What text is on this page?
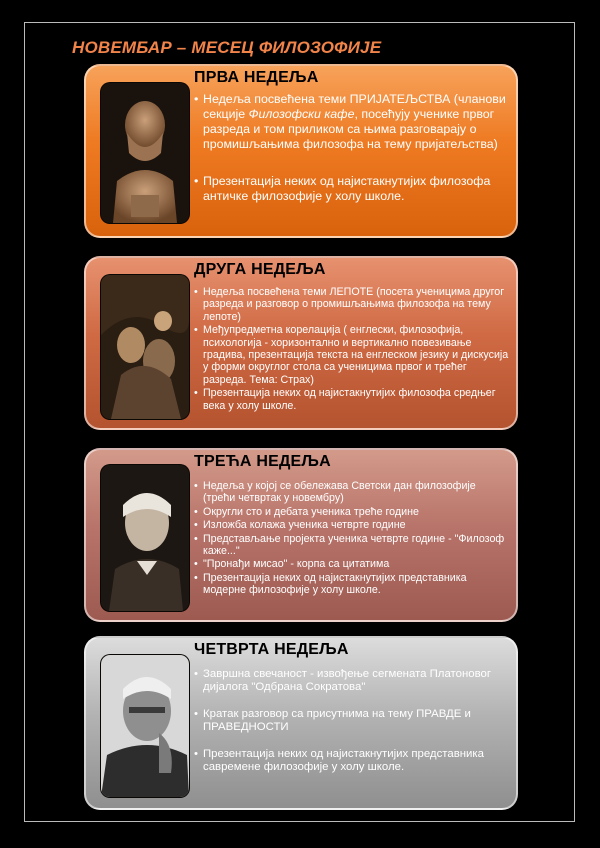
НОВЕМБАР – МЕСЕЦ ФИЛОЗОФИЈЕ
ПРВА НЕДЕЉА
• Недеља посвећена теми ПРИЈАТЕЉСТВА (чланови секције Филозофски кафе, посећују ученике првог разреда и том приликом са њима разговарају о промишљањима филозофа на тему пријатељства)
• Презентација неких од најистакнутијих филозофа античке филозофије у холу школе.
ДРУГА НЕДЕЉА
• Недеља посвећена теми ЛЕПОТЕ (посета ученицима другог разреда и разговор о промишљањима филозофа на тему лепоте)
• Међупредметна корелација ( енглески, филозофија, психологија - хоризонтално и вертикално повезивање градива, презентација текста на енглеском језику и дискусија у форми округлог стола са ученицима првог и трећег разреда. Тема: Страх)
• Презентација неких од најистакнутијих филозофа средњег века у холу школе.
ТРЕЋА НЕДЕЉА
• Недеља у којој се обележава Светски дан филозофије (трећи четвртак у новембру)
• Округли сто и дебата ученика треће године
• Изложба колажа ученика четврте године
• Представљање пројекта ученика четврте године - "Филозоф каже..."
• "Пронађи мисао" - корпа са цитатима
• Презентација неких од најистакнутијих представника модерне филозофије у холу школе.
ЧЕТВРТА НЕДЕЉА
• Завршна свечаност - извођење сегмената Платоновог дијалога "Одбрана Сократова"
• Кратак разговор са присутнима на тему ПРАВДЕ и ПРАВЕДНОСТИ
• Презентација неких од најистакнутијих представника савремене филозофије у холу школе.
